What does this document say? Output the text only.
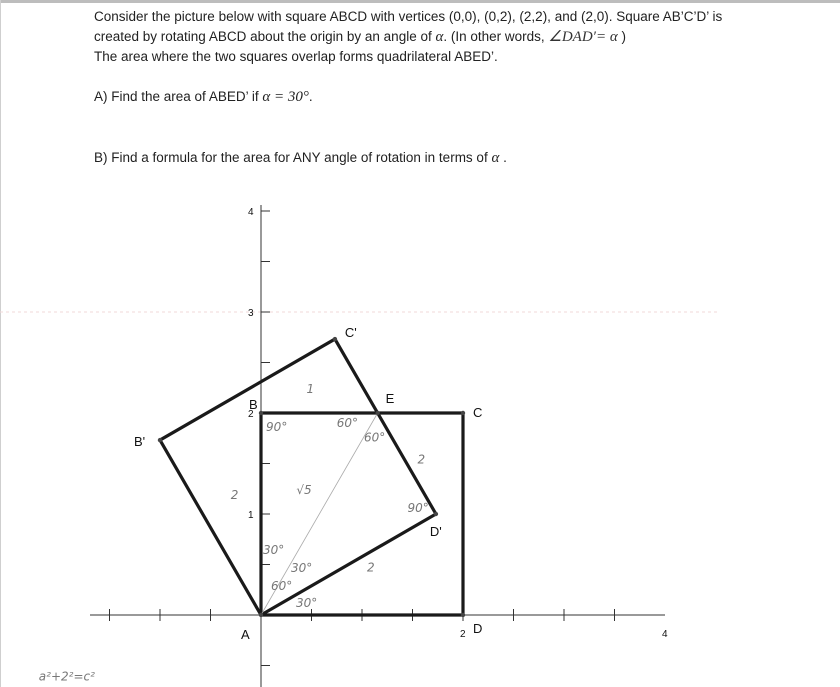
Consider the picture below with square ABCD with vertices (0,0), (0,2), (2,2), and (2,0). Square AB’C’D’ is
created by rotating ABCD about the origin by an angle of α. (In other words, ∠DAD′= α )
The area where the two squares overlap forms quadrilateral ABED’.
A) Find the area of ABED’ if α = 30°.
B) Find a formula for the area for ANY angle of rotation in terms of α .
1
2
3
4
2	4
A
B
C
D
B'
C'
D'
E
90°	60°
60°
2
1
2	√5
90°
30°
30°
60°
30°
2
a²+2²=c²
